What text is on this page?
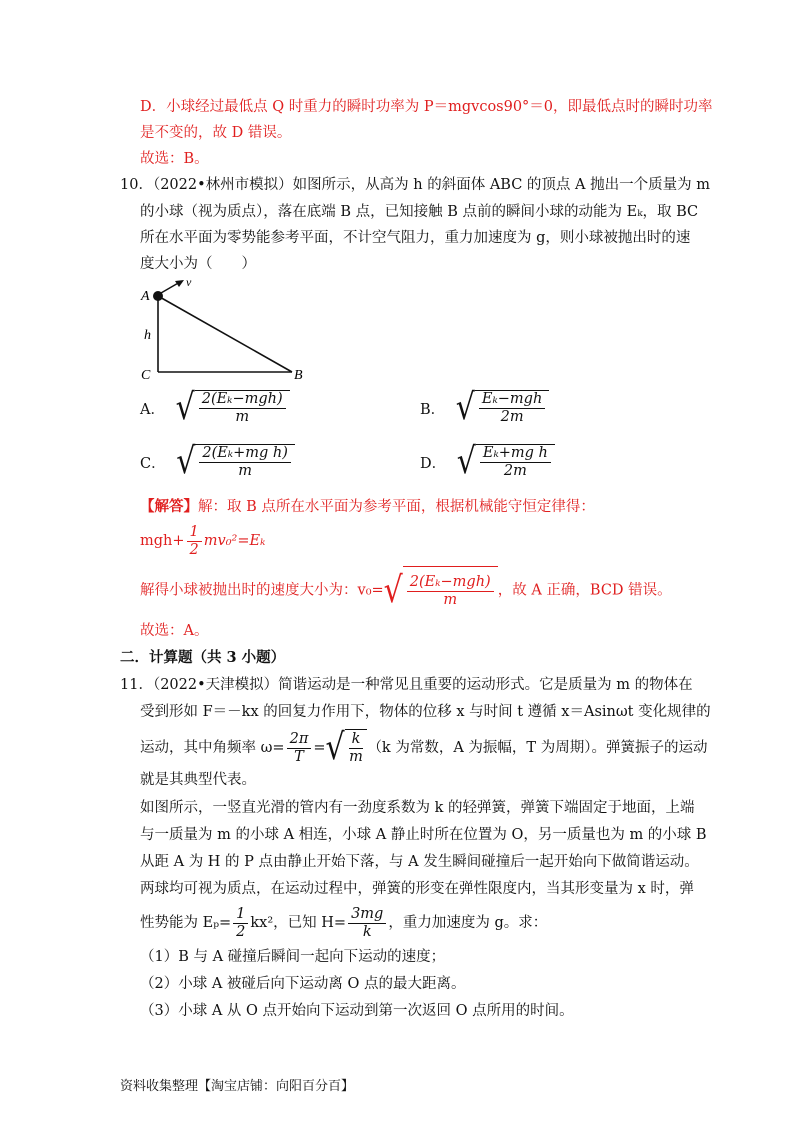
D．小球经过最低点 Q 时重力的瞬时功率为 P＝mgvcos90°＝0，即最低点时的瞬时功率
是不变的，故 D 错误。
故选：B。
10．（2022•林州市模拟）如图所示，从高为 h 的斜面体 ABC 的顶点 A 抛出一个质量为 m
的小球（视为质点），落在底端 B 点，已知接触 B 点前的瞬间小球的动能为 Eₖ，取 BC
所在水平面为零势能参考平面，不计空气阻力，重力加速度为 g，则小球被抛出时的速
度大小为（　　）
A
v
h
C	B
A． √ $\frac{\text{2(Eₖ−mgh)}}{m}$	B． √ $\frac{\text{Eₖ−mgh}}{2m}$
C． √ $\frac{\text{2(Eₖ+mg h)}}{m}$	D． √ $\frac{\text{Eₖ+mg h}}{2m}$
【解答】解：取 B 点所在水平面为参考平面，根据机械能守恒定律得：
$mgh+ \frac{1}{2} mv_0^2=E_k$
解得小球被抛出时的速度大小为：$v_0=√ \frac{\text{2(Eₖ−mgh)}}{m}$ ，故 A 正确，BCD 错误。
故选：A。
二．计算题（共 3 小题）
11．（2022•天津模拟）简谐运动是一种常见且重要的运动形式。它是质量为 m 的物体在
受到形如 F＝－kx 的回复力作用下，物体的位移 x 与时间 t 遵循 x＝Asinωt 变化规律的
运动，其中角频率 $\omega= \frac{2\pi}{T}$ =√ $\frac{k}{m} (k$ 为常数，A 为振幅，T 为周期）。弹簧振子的运动
就是其典型代表。
如图所示，一竖直光滑的管内有一劲度系数为 k 的轻弹簧，弹簧下端固定于地面，上端
与一质量为 m 的小球 A 相连，小球 A 静止时所在位置为 O，另一质量也为 m 的小球 B
从距 A 为 H 的 P 点由静止开始下落，与 A 发生瞬间碰撞后一起开始向下做简谐运动。
两球均可视为质点，在运动过程中，弹簧的形变在弹性限度内，当其形变量为 x 时，弹
性势能为 $E_p= \frac{1}{2} kx^2$，已知 $H= \frac{3mg}{k}$ ，重力加速度为 g。求：
（1）B 与 A 碰撞后瞬间一起向下运动的速度；
（2）小球 A 被碰后向下运动离 O 点的最大距离。
（3）小球 A 从 O 点开始向下运动到第一次返回 O 点所用的时间。
资料收集整理【淘宝店铺：向阳百分百】
